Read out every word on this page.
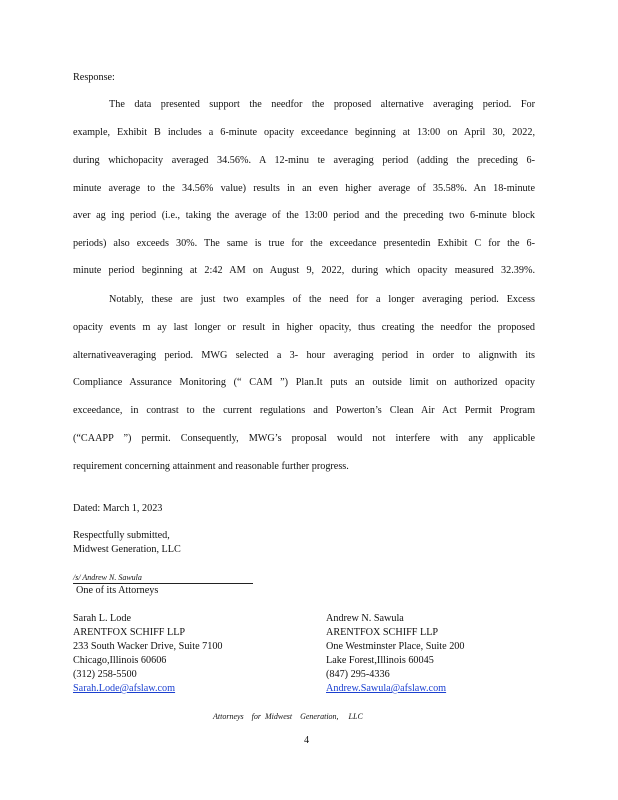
Response:
The data presented support the needfor the proposed alternative averaging period. For
example, Exhibit B includes a 6-minute opacity exceedance beginning at 13:00 on April 30, 2022,
during whichopacity averaged 34.56%. A 12-minu te averaging period (adding the preceding 6-
minute average to the 34.56% value) results in an even higher average of 35.58%. An 18-minute
aver ag ing period (i.e., taking the average of the 13:00 period and the preceding two 6-minute block
periods) also exceeds 30%. The same is true for the exceedance presentedin Exhibit C for the 6-
minute period beginning at 2:42 AM on August 9, 2022, during which opacity measured 32.39%.
Notably, these are just two examples of the need for a longer averaging period. Excess
opacity events m ay last longer or result in higher opacity, thus creating the needfor the proposed
alternativeaveraging period. MWG selected a 3- hour averaging period in order to alignwith its
Compliance Assurance Monitoring (“ CAM ”) Plan.It puts an outside limit on authorized opacity
exceedance, in contrast to the current regulations and Powerton’s Clean Air Act Permit Program
(“CAAPP ”) permit. Consequently, MWG’s proposal would not interfere with any applicable
requirement concerning attainment and reasonable further progress.
Dated: March 1, 2023
Respectfully submitted,
Midwest Generation, LLC
/s/ Andrew N. Sawula
One of its Attorneys
Sarah L. Lode
ARENTFOX SCHIFF LLP
233 South Wacker Drive, Suite 7100
Chicago,Illinois 60606
(312) 258-5500
Sarah.Lode@afslaw.com
Andrew N. Sawula
ARENTFOX SCHIFF LLP
One Westminster Place, Suite 200
Lake Forest,Illinois 60045
(847) 295-4336
Andrew.Sawula@afslaw.com
Attorneys    for  Midwest    Generation,     LLC
4
